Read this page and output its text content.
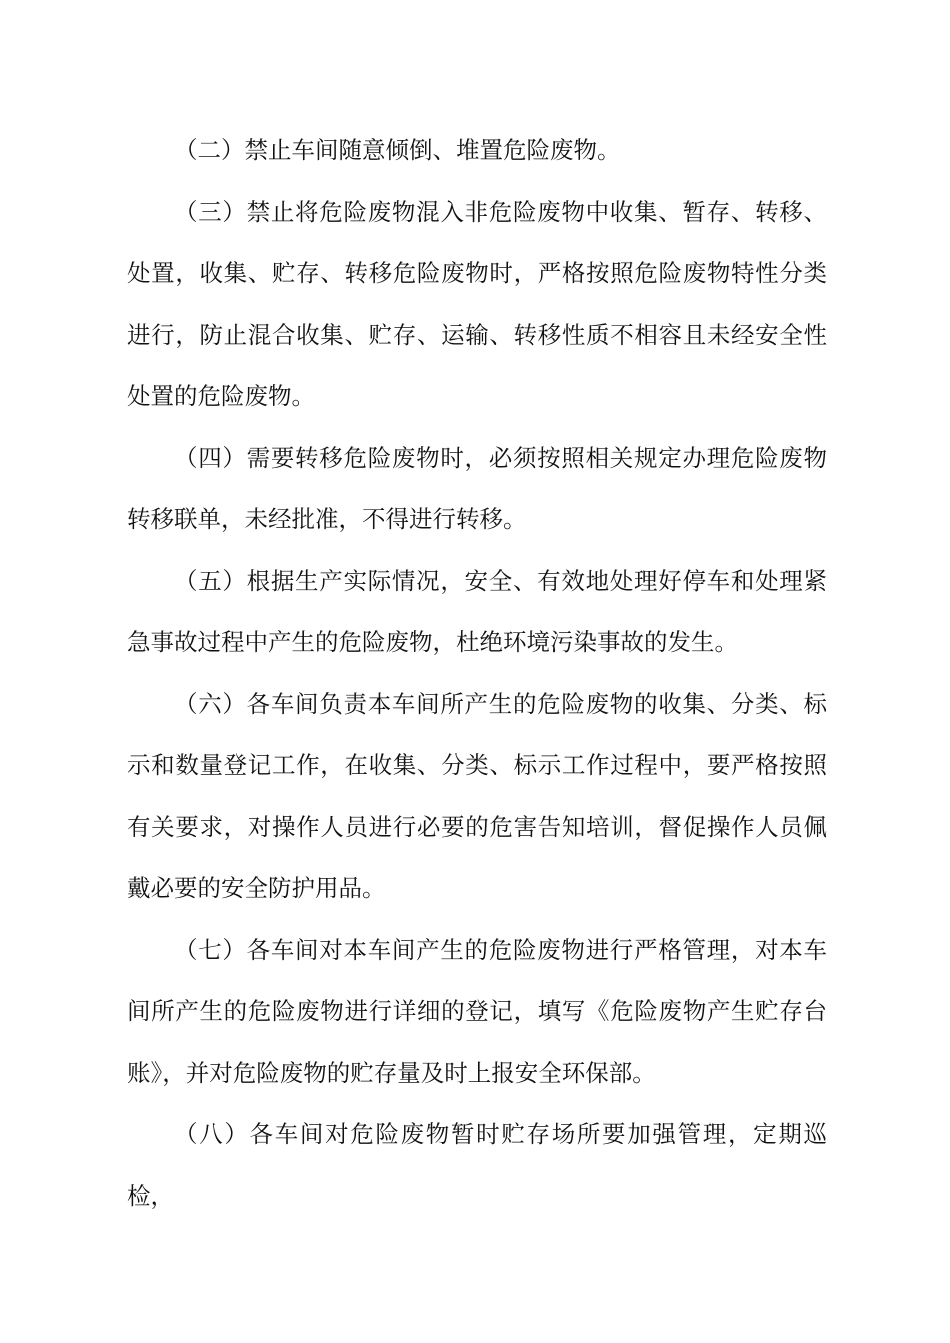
（二）禁止车间随意倾倒、堆置危险废物。

（三）禁止将危险废物混入非危险废物中收集、暂存、转移、处置，收集、贮存、转移危险废物时，严格按照危险废物特性分类进行，防止混合收集、贮存、运输、转移性质不相容且未经安全性处置的危险废物。

（四）需要转移危险废物时，必须按照相关规定办理危险废物转移联单，未经批准，不得进行转移。

（五）根据生产实际情况，安全、有效地处理好停车和处理紧急事故过程中产生的危险废物，杜绝环境污染事故的发生。

（六）各车间负责本车间所产生的危险废物的收集、分类、标示和数量登记工作，在收集、分类、标示工作过程中，要严格按照有关要求，对操作人员进行必要的危害告知培训，督促操作人员佩戴必要的安全防护用品。

（七）各车间对本车间产生的危险废物进行严格管理，对本车间所产生的危险废物进行详细的登记，填写《危险废物产生贮存台账》，并对危险废物的贮存量及时上报安全环保部。

（八）各车间对危险废物暂时贮存场所要加强管理，定期巡检，
